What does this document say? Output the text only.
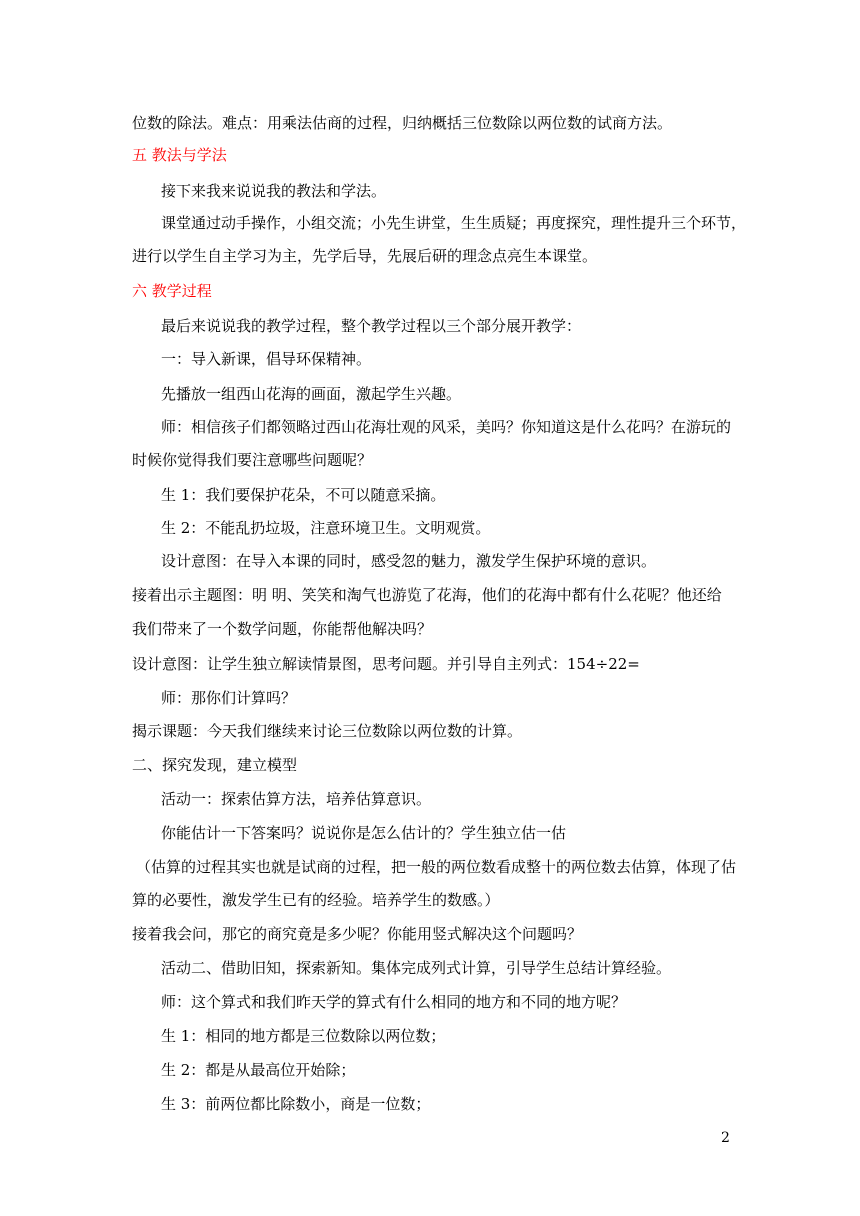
位数的除法。难点：用乘法估商的过程，归纳概括三位数除以两位数的试商方法。
五 教法与学法
接下来我来说说我的教法和学法。
课堂通过动手操作，小组交流；小先生讲堂，生生质疑；再度探究，理性提升三个环节，
进行以学生自主学习为主，先学后导，先展后研的理念点亮生本课堂。
六 教学过程
最后来说说我的教学过程，整个教学过程以三个部分展开教学：
一：导入新课，倡导环保精神。
先播放一组西山花海的画面，激起学生兴趣。
师：相信孩子们都领略过西山花海壮观的风采，美吗？你知道这是什么花吗？在游玩的
时候你觉得我们要注意哪些问题呢？
生 1：我们要保护花朵，不可以随意采摘。
生 2：不能乱扔垃圾，注意环境卫生。文明观赏。
设计意图：在导入本课的同时，感受忽的魅力，激发学生保护环境的意识。
接着出示主题图：明 明、笑笑和淘气也游览了花海，他们的花海中都有什么花呢？他还给
我们带来了一个数学问题，你能帮他解决吗？
设计意图：让学生独立解读情景图，思考问题。并引导自主列式：154÷22=
师：那你们计算吗？
揭示课题：今天我们继续来讨论三位数除以两位数的计算。
二、探究发现，建立模型
活动一：探索估算方法，培养估算意识。
你能估计一下答案吗？说说你是怎么估计的？学生独立估一估
（估算的过程其实也就是试商的过程，把一般的两位数看成整十的两位数去估算，体现了估
算的必要性，激发学生已有的经验。培养学生的数感。）
接着我会问，那它的商究竟是多少呢？你能用竖式解决这个问题吗？
活动二、借助旧知，探索新知。集体完成列式计算，引导学生总结计算经验。
师：这个算式和我们昨天学的算式有什么相同的地方和不同的地方呢？
生 1：相同的地方都是三位数除以两位数；
生 2：都是从最高位开始除；
生 3：前两位都比除数小，商是一位数；
2
